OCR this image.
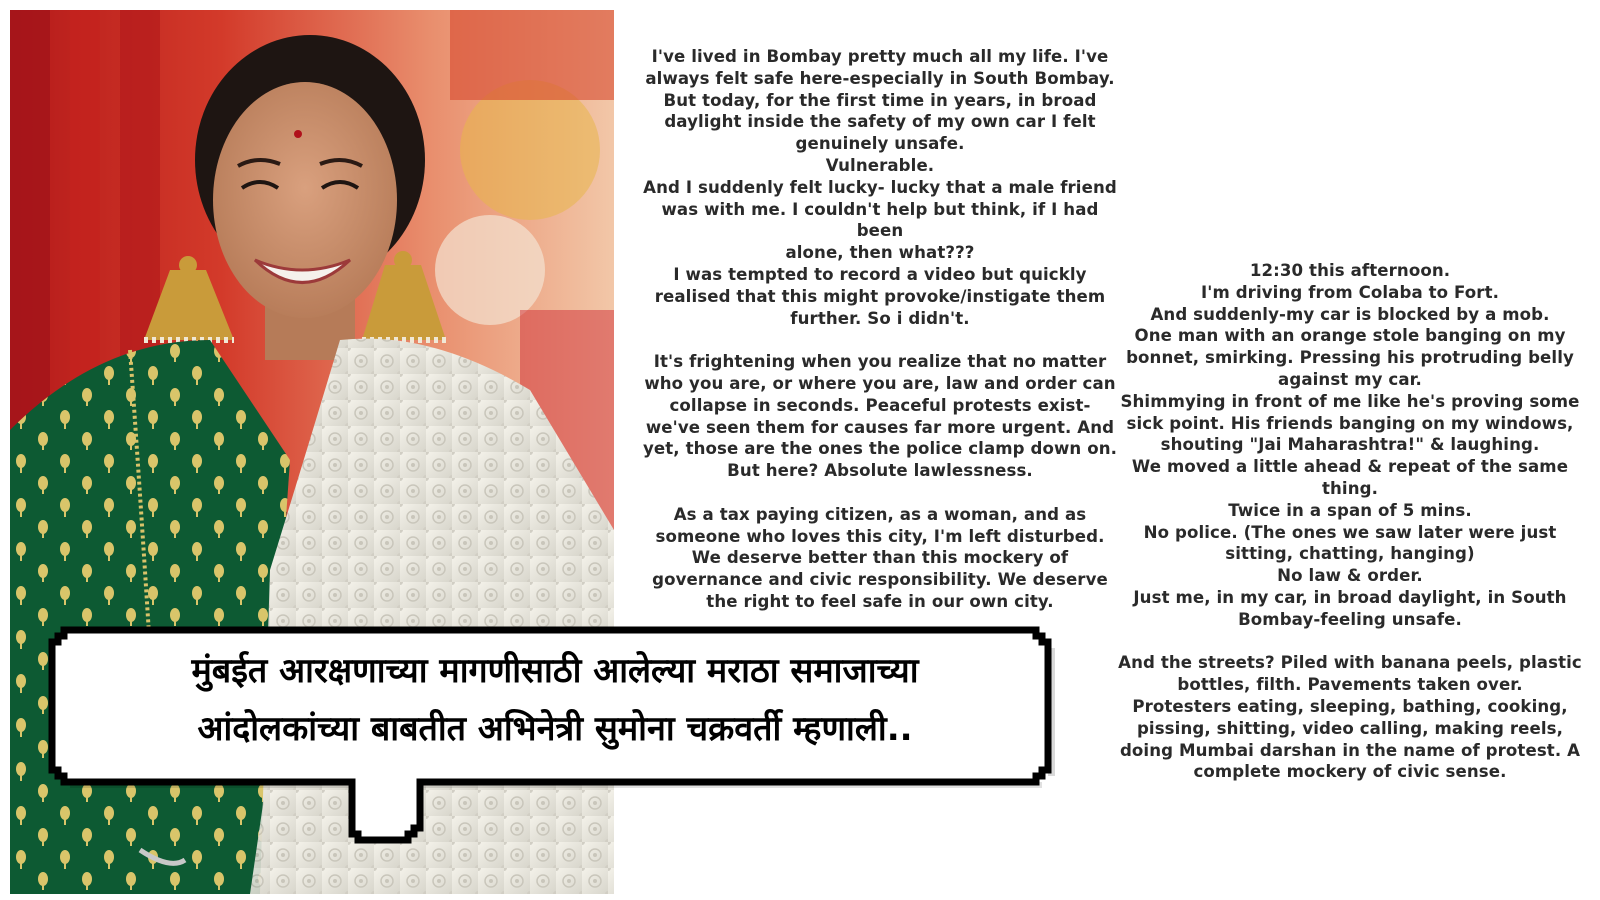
I've lived in Bombay pretty much all my life. I've
always felt safe here-especially in South Bombay.
But today, for the first time in years, in broad
daylight inside the safety of my own car I felt
genuinely unsafe.
Vulnerable.
And I suddenly felt lucky- lucky that a male friend
was with me. I couldn't help but think, if I had been
alone, then what???
I was tempted to record a video but quickly
realised that this might provoke/instigate them
further. So i didn't.

It's frightening when you realize that no matter
who you are, or where you are, law and order can
collapse in seconds. Peaceful protests exist-
we've seen them for causes far more urgent. And
yet, those are the ones the police clamp down on.
But here? Absolute lawlessness.

As a tax paying citizen, as a woman, and as
someone who loves this city, I'm left disturbed.
We deserve better than this mockery of
governance and civic responsibility. We deserve
the right to feel safe in our own city.

12:30 this afternoon.
I'm driving from Colaba to Fort.
And suddenly-my car is blocked by a mob.
One man with an orange stole banging on my
bonnet, smirking. Pressing his protruding belly
against my car.
Shimmying in front of me like he's proving some
sick point. His friends banging on my windows,
shouting "Jai Maharashtra!" & laughing.
We moved a little ahead & repeat of the same
thing.
Twice in a span of 5 mins.
No police. (The ones we saw later were just
sitting, chatting, hanging)
No law & order.
Just me, in my car, in broad daylight, in South
Bombay-feeling unsafe.

And the streets? Piled with banana peels, plastic
bottles, filth. Pavements taken over.
Protesters eating, sleeping, bathing, cooking,
pissing, shitting, video calling, making reels,
doing Mumbai darshan in the name of protest. A
complete mockery of civic sense.

मुंबईत आरक्षणाच्या मागणीसाठी आलेल्या मराठा समाजाच्या
आंदोलकांच्या बाबतीत अभिनेत्री सुमोना चक्रवर्ती म्हणाली..
